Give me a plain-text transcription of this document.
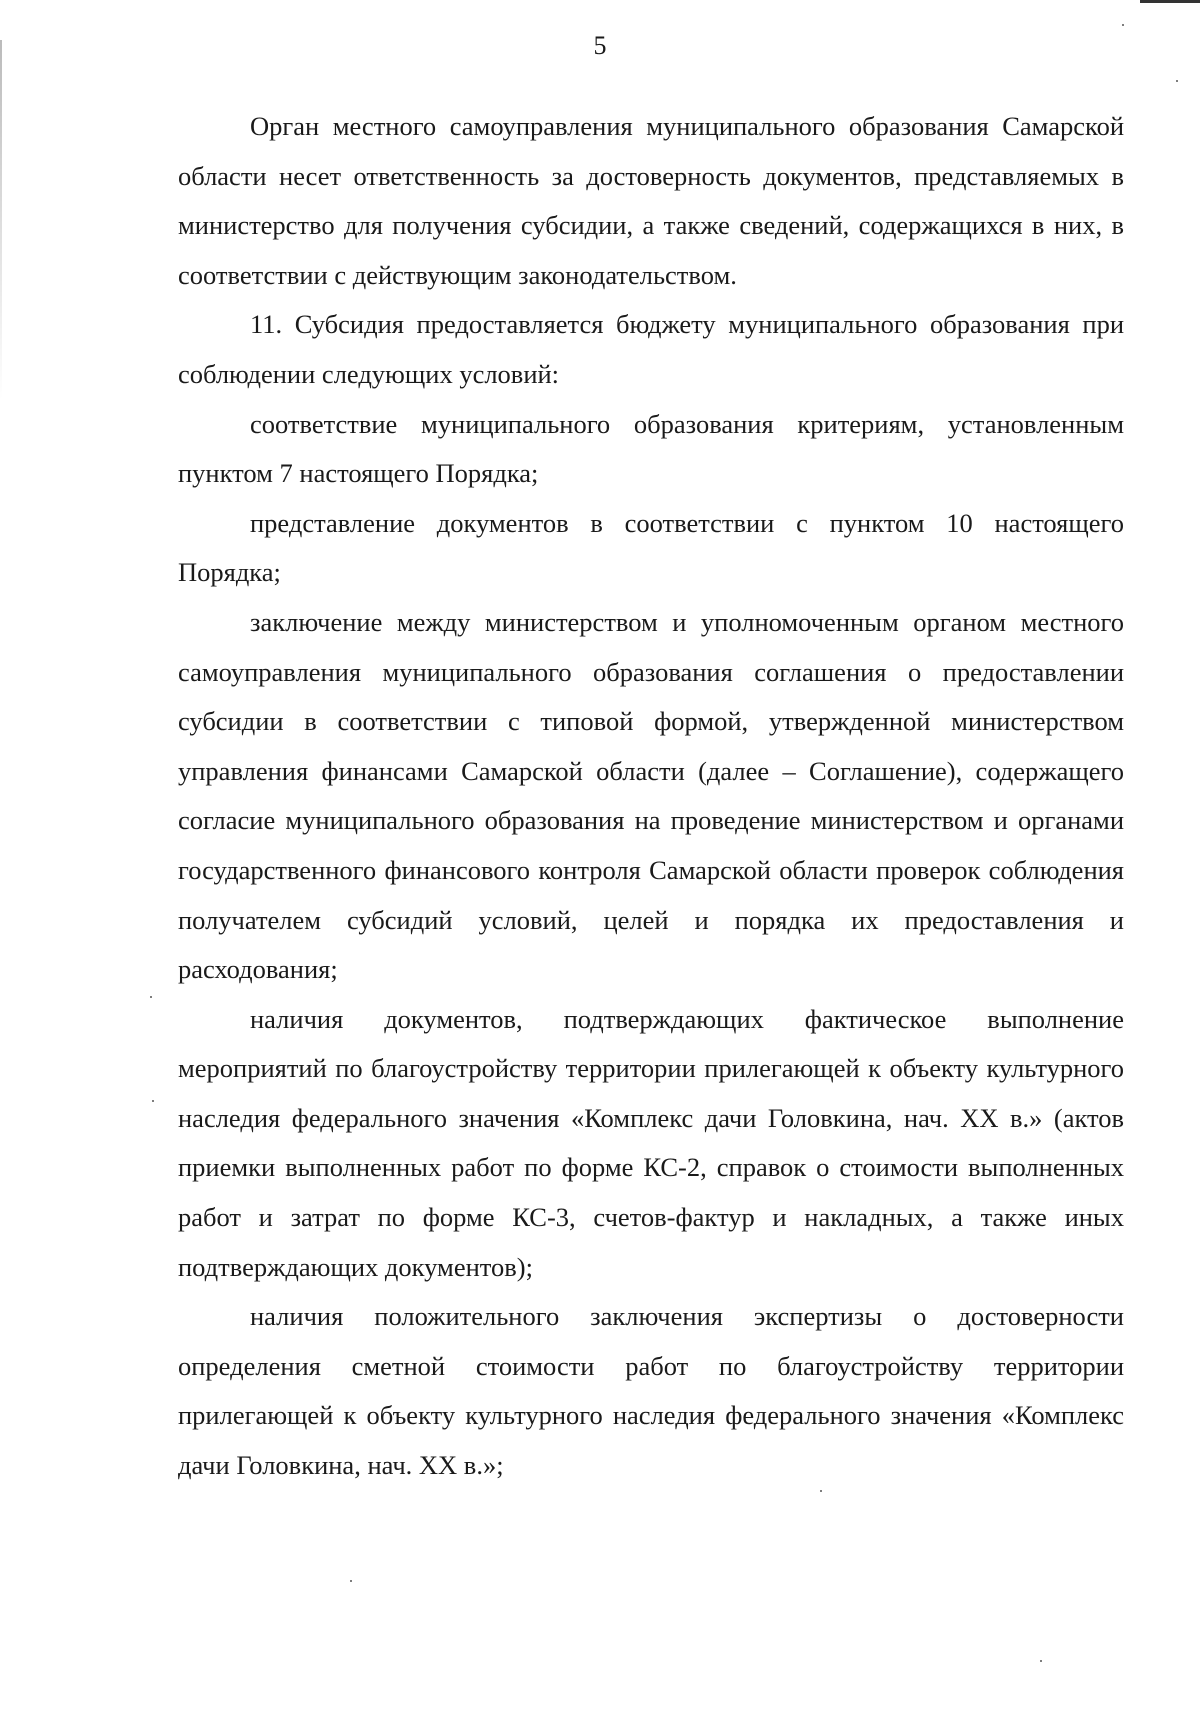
5

Орган местного самоуправления муниципального образования Самарской области несет ответственность за достоверность документов, представляемых в министерство для получения субсидии, а также сведений, содержащихся в них, в соответствии с действующим законодательством.

11. Субсидия предоставляется бюджету муниципального образования при соблюдении следующих условий:

соответствие муниципального образования критериям, установленным пунктом 7 настоящего Порядка;

представление документов в соответствии с пунктом 10 настоящего Порядка;

заключение между министерством и уполномоченным органом местного самоуправления муниципального образования соглашения о предоставлении субсидии в соответствии с типовой формой, утвержденной министерством управления финансами Самарской области (далее – Соглашение), содержащего согласие муниципального образования на проведение министерством и органами государственного финансового контроля Самарской области проверок соблюдения получателем субсидий условий, целей и порядка их предоставления и расходования;

наличия документов, подтверждающих фактическое выполнение мероприятий по благоустройству территории прилегающей к объекту культурного наследия федерального значения «Комплекс дачи Головкина, нач. XX в.» (актов приемки выполненных работ по форме КС-2, справок о стоимости выполненных работ и затрат по форме КС-3, счетов-фактур и накладных, а также иных подтверждающих документов);

наличия положительного заключения экспертизы о достоверности определения сметной стоимости работ по благоустройству территории прилегающей к объекту культурного наследия федерального значения «Комплекс дачи Головкина, нач. XX в.»;
